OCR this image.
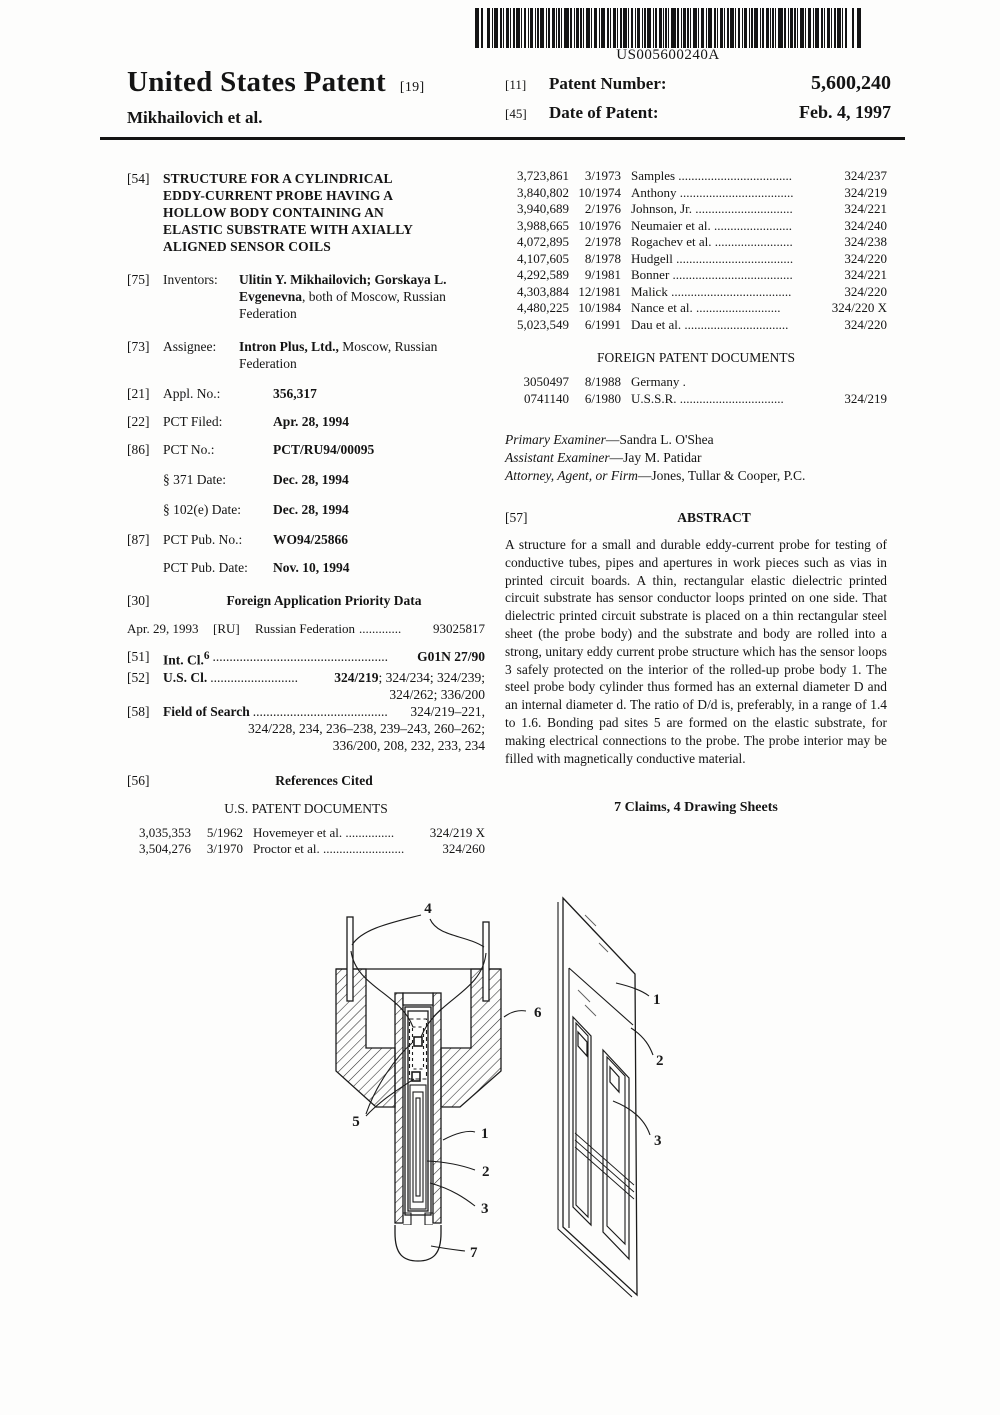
US005600240A
United States Patent [19]
Mikhailovich et al.
[11]	Patent Number:	5,600,240
[45]	Date of Patent:	Feb. 4, 1997
[54]	STRUCTURE FOR A CYLINDRICAL EDDY-CURRENT PROBE HAVING A HOLLOW BODY CONTAINING AN ELASTIC SUBSTRATE WITH AXIALLY ALIGNED SENSOR COILS
[75]	Inventors:	Ulitin Y. Mikhailovich; Gorskaya L. Evgenevna, both of Moscow, Russian Federation
[73]	Assignee:	Intron Plus, Ltd., Moscow, Russian Federation
[21]	Appl. No.:	356,317
[22]	PCT Filed:	Apr. 28, 1994
[86]	PCT No.:	PCT/RU94/00095
§ 371 Date:	Dec. 28, 1994
§ 102(e) Date:	Dec. 28, 1994
[87]	PCT Pub. No.:	WO94/25866
PCT Pub. Date:	Nov. 10, 1994
[30]	Foreign Application Priority Data
Apr. 29, 1993	[RU]	Russian Federation .............	93025817
[51]	Int. Cl.$^6$ ....................................................	G01N 27/90
[52]	U.S. Cl. ..........................	324/219; 324/234; 324/239;
324/262; 336/200
[58]	Field of Search ........................................	324/219–221,
324/228, 234, 236–238, 239–243, 260–262;
336/200, 208, 232, 233, 234
[56]	References Cited
U.S. PATENT DOCUMENTS
3,035,353	5/1962 Hovemeyer et al. ...............	324/219 X
3,504,276	3/1970 Proctor et al. .........................	324/260
3,723,861	3/1973 Samples ...................................	324/237
3,840,802 10/1974 Anthony ...................................	324/219
3,940,689	2/1976 Johnson, Jr. ..............................	324/221
3,988,665 10/1976 Neumaier et al. ........................	324/240
4,072,895	2/1978 Rogachev et al. ........................	324/238
4,107,605	8/1978 Hudgell ....................................	324/220
4,292,589	9/1981 Bonner .....................................	324/221
4,303,884 12/1981 Malick .....................................	324/220
4,480,225 10/1984 Nance et al. ..........................	324/220 X
5,023,549	6/1991 Dau et al. ................................	324/220
FOREIGN PATENT DOCUMENTS
3050497	8/1988 Germany .
0741140	6/1980 U.S.S.R. ................................	324/219
Primary Examiner—Sandra L. O'Shea
Assistant Examiner—Jay M. Patidar
Attorney, Agent, or Firm—Jones, Tullar & Cooper, P.C.
[57]	ABSTRACT
A structure for a small and durable eddy-current probe for testing of conductive tubes, pipes and apertures in work pieces such as vias in printed circuit boards. A thin, rectangular elastic dielectric printed circuit substrate has sensor conductor loops printed on one side. That dielectric printed circuit substrate is placed on a thin rectangular steel sheet (the probe body) and the substrate and body are rolled into a strong, unitary eddy current probe structure which has the sensor loops 3 safely protected on the interior of the rolled-up probe body 1. The steel probe body cylinder thus formed has an external diameter D and an internal diameter d. The ratio of D/d is, preferably, in a range of 1.4 to 1.6. Bonding pad sites 5 are formed on the elastic substrate, for making electrical connections to the probe. The probe interior may be filled with magnetically conductive material.
7 Claims, 4 Drawing Sheets
4
6
5
1
2
3
7
1
2
3
